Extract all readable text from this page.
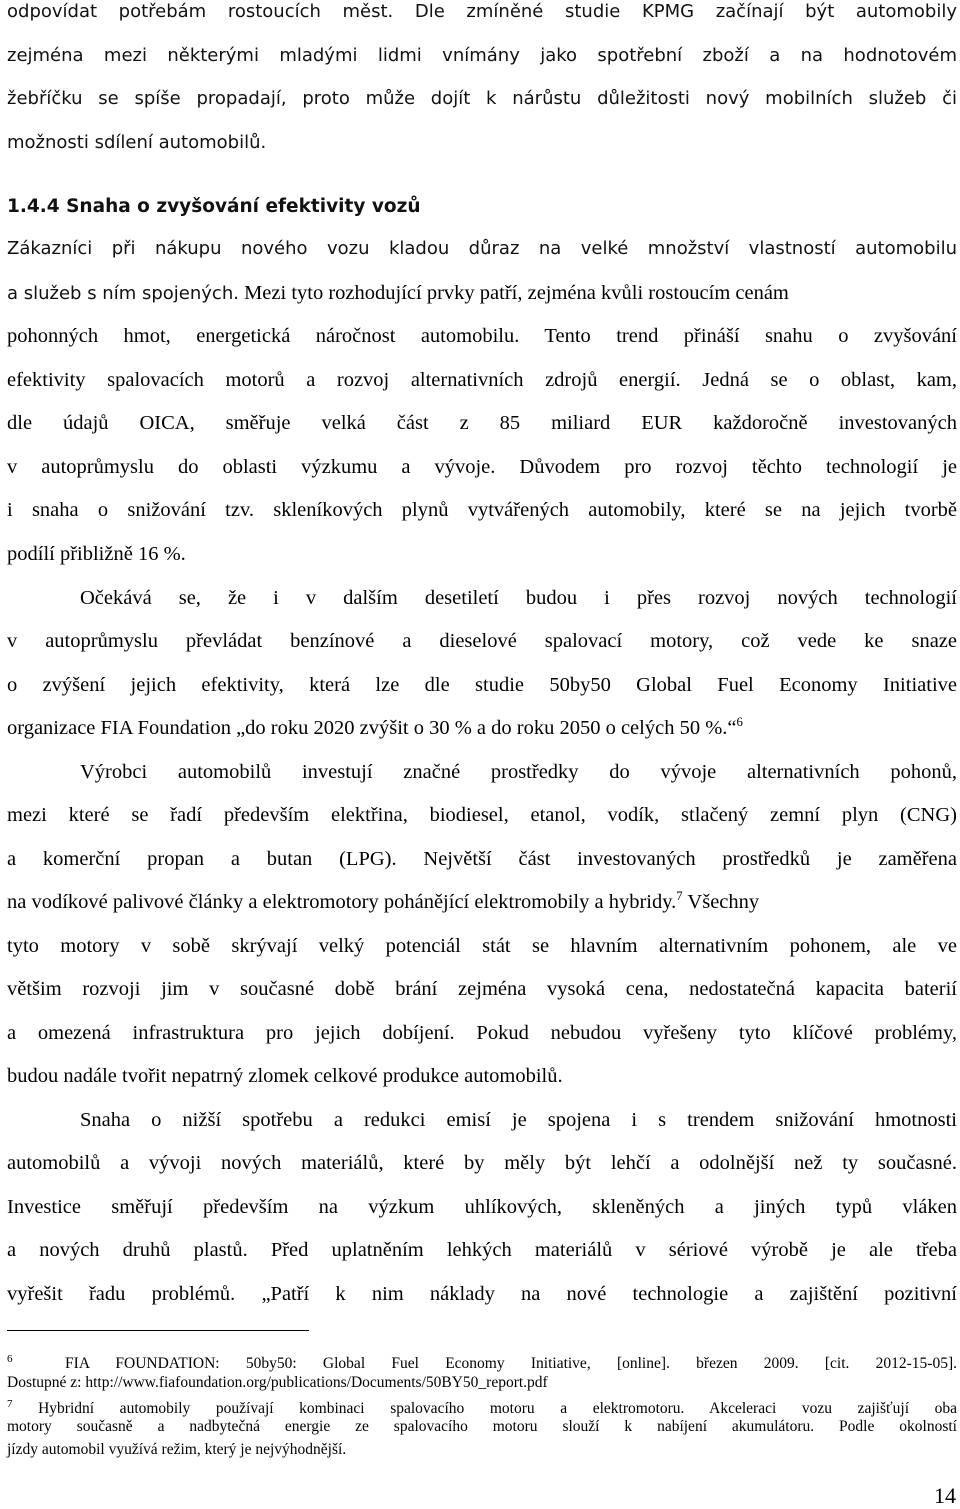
odpovídat potřebám rostoucích měst. Dle zmíněné studie KPMG začínají být automobily
zejména mezi některými mladými lidmi vnímány jako spotřební zboží a na hodnotovém
žebříčku se spíše propadají, proto může dojít k nárůstu důležitosti nový mobilních služeb či
možnosti sdílení automobilů.
1.4.4 Snaha o zvyšování efektivity vozů
Zákazníci při nákupu nového vozu kladou důraz na velké množství vlastností automobilu
a služeb s ním spojených. Mezi tyto rozhodující prvky patří, zejména kvůli rostoucím cenám
pohonných hmot, energetická náročnost automobilu. Tento trend přináší snahu o zvyšování
efektivity spalovacích motorů a rozvoj alternativních zdrojů energií. Jedná se o oblast, kam,
dle údajů OICA, směřuje velká část z 85 miliard EUR každoročně investovaných
v autoprůmyslu do oblasti výzkumu a vývoje. Důvodem pro rozvoj těchto technologií je
i snaha o snižování tzv. skleníkových plynů vytvářených automobily, které se na jejich tvorbě
podílí přibližně 16 %.
Očekává se, že i v dalším desetiletí budou i přes rozvoj nových technologií
v autoprůmyslu převládat benzínové a dieselové spalovací motory, což vede ke snaze
o zvýšení jejich efektivity, která lze dle studie 50by50 Global Fuel Economy Initiative
organizace FIA Foundation „do roku 2020 zvýšit o 30 % a do roku 2050 o celých 50 %.“$^6$
Výrobci automobilů investují značné prostředky do vývoje alternativních pohonů,
mezi které se řadí především elektřina, biodiesel, etanol, vodík, stlačený zemní plyn (CNG)
a komerční propan a butan (LPG). Největší část investovaných prostředků je zaměřena
na vodíkové palivové články a elektromotory pohánějící elektromobily a hybridy.$^7$ Všechny
tyto motory v sobě skrývají velký potenciál stát se hlavním alternativním pohonem, ale ve
většim rozvoji jim v současné době brání zejména vysoká cena, nedostatečná kapacita baterií
a omezená infrastruktura pro jejich dobíjení. Pokud nebudou vyřešeny tyto klíčové problémy,
budou nadále tvořit nepatrný zlomek celkové produkce automobilů.
Snaha o nižší spotřebu a redukci emisí je spojena i s trendem snižování hmotnosti
automobilů a vývoji nových materiálů, které by měly být lehčí a odolnější než ty současné.
Investice směřují především na výzkum uhlíkových, skleněných a jiných typů vláken
a nových druhů plastů. Před uplatněním lehkých materiálů v sériové výrobě je ale třeba
vyřešit řadu problémů. „Patří k nim náklady na nové technologie a zajištění pozitivní
$^6$	FIA FOUNDATION: 50by50: Global Fuel Economy Initiative, [online]. březen 2009. [cit. 2012-15-05].
Dostupné z: http://www.fiafoundation.org/publications/Documents/50BY50_report.pdf
$^7$ Hybridní automobily používají kombinaci spalovacího motoru a elektromotoru. Akceleraci vozu zajišťují oba
motory současně a nadbytečná energie ze spalovacího motoru slouží k nabíjení akumulátoru. Podle okolností
jízdy automobil využívá režim, který je nejvýhodnější.
14
